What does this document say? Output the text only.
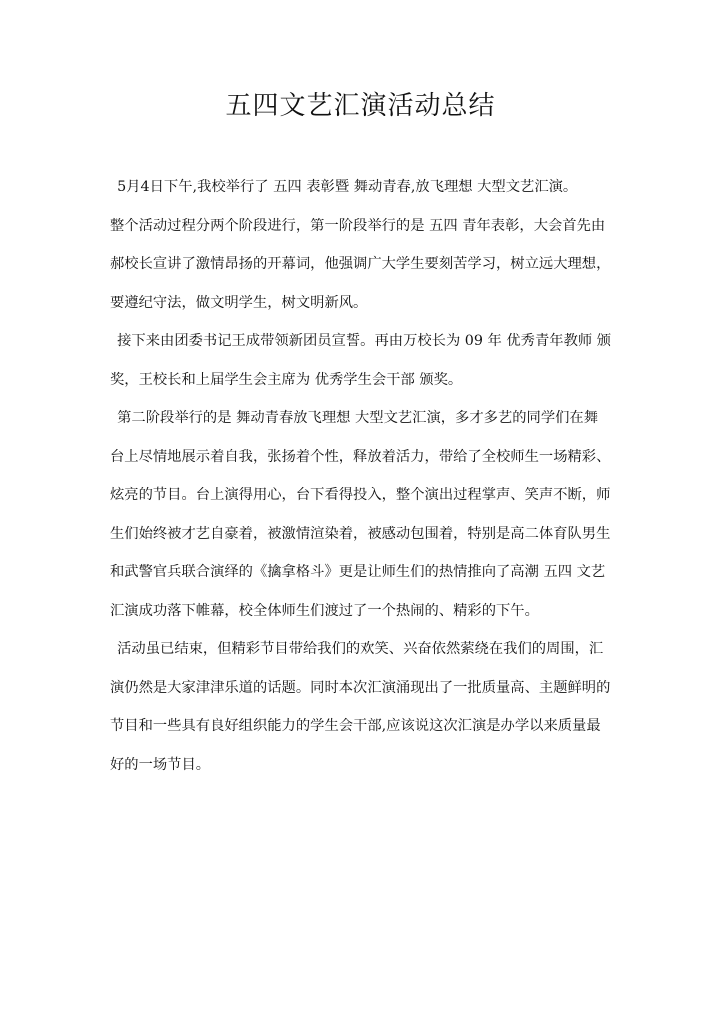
五四文艺汇演活动总结
5月4日下午,我校举行了 五四 表彰暨 舞动青春,放飞理想 大型文艺汇演。
整个活动过程分两个阶段进行，第一阶段举行的是 五四 青年表彰，大会首先由
郝校长宣讲了激情昂扬的开幕词，他强调广大学生要刻苦学习，树立远大理想，
要遵纪守法，做文明学生，树文明新风。
接下来由团委书记王成带领新团员宣誓。再由万校长为 09 年 优秀青年教师 颁
奖，王校长和上届学生会主席为 优秀学生会干部 颁奖。
第二阶段举行的是 舞动青春放飞理想 大型文艺汇演，多才多艺的同学们在舞
台上尽情地展示着自我，张扬着个性，释放着活力，带给了全校师生一场精彩、
炫亮的节目。台上演得用心，台下看得投入，整个演出过程掌声、笑声不断，师
生们始终被才艺自豪着，被激情渲染着，被感动包围着，特别是高二体育队男生
和武警官兵联合演绎的《擒拿格斗》更是让师生们的热情推向了高潮 五四 文艺
汇演成功落下帷幕，校全体师生们渡过了一个热闹的、精彩的下午。
活动虽已结束，但精彩节目带给我们的欢笑、兴奋依然萦绕在我们的周围，汇
演仍然是大家津津乐道的话题。同时本次汇演涌现出了一批质量高、主题鲜明的
节目和一些具有良好组织能力的学生会干部,应该说这次汇演是办学以来质量最
好的一场节目。
